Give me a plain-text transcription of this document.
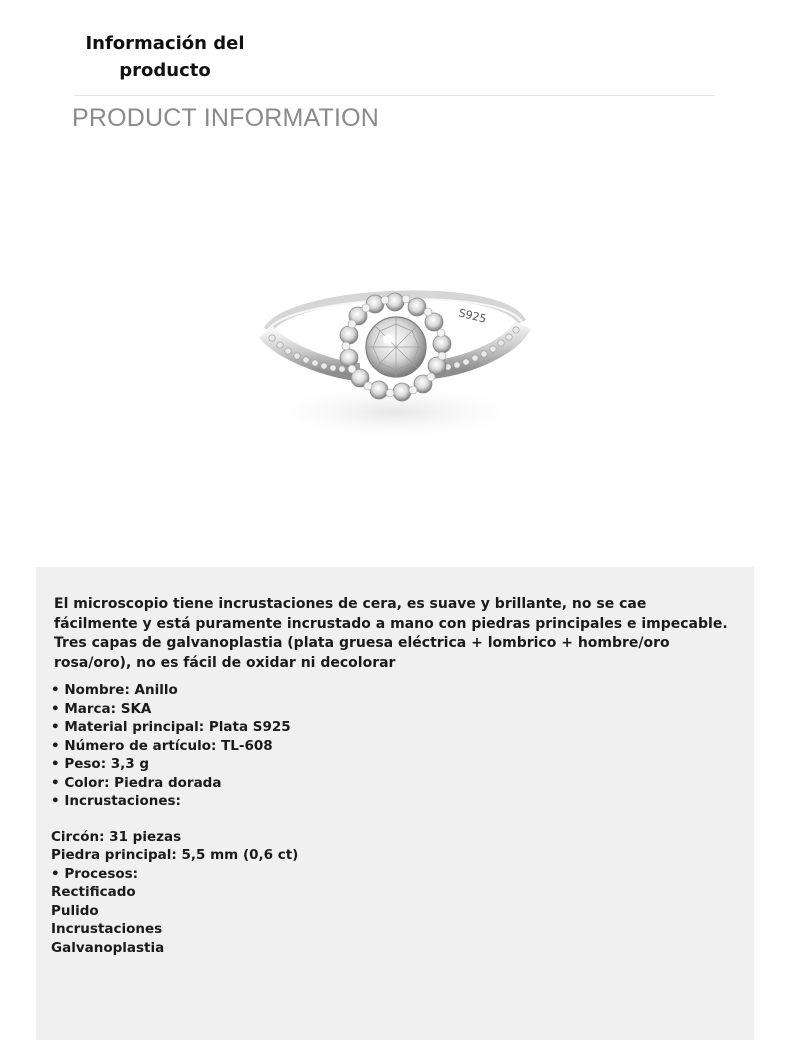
Información del
producto
PRODUCT INFORMATION
S925
El microscopio tiene incrustaciones de cera, es suave y brillante, no se cae fácilmente y está puramente incrustado a mano con piedras principales e impecable. Tres capas de galvanoplastia (plata gruesa eléctrica + lombrico + hombre/oro rosa/oro), no es fácil de oxidar ni decolorar
• Nombre: Anillo
• Marca: SKA
• Material principal: Plata S925
• Número de artículo: TL-608
• Peso: 3,3 g
• Color: Piedra dorada
• Incrustaciones:
Circón: 31 piezas
Piedra principal: 5,5 mm (0,6 ct)
• Procesos:
Rectificado
Pulido
Incrustaciones
Galvanoplastia
